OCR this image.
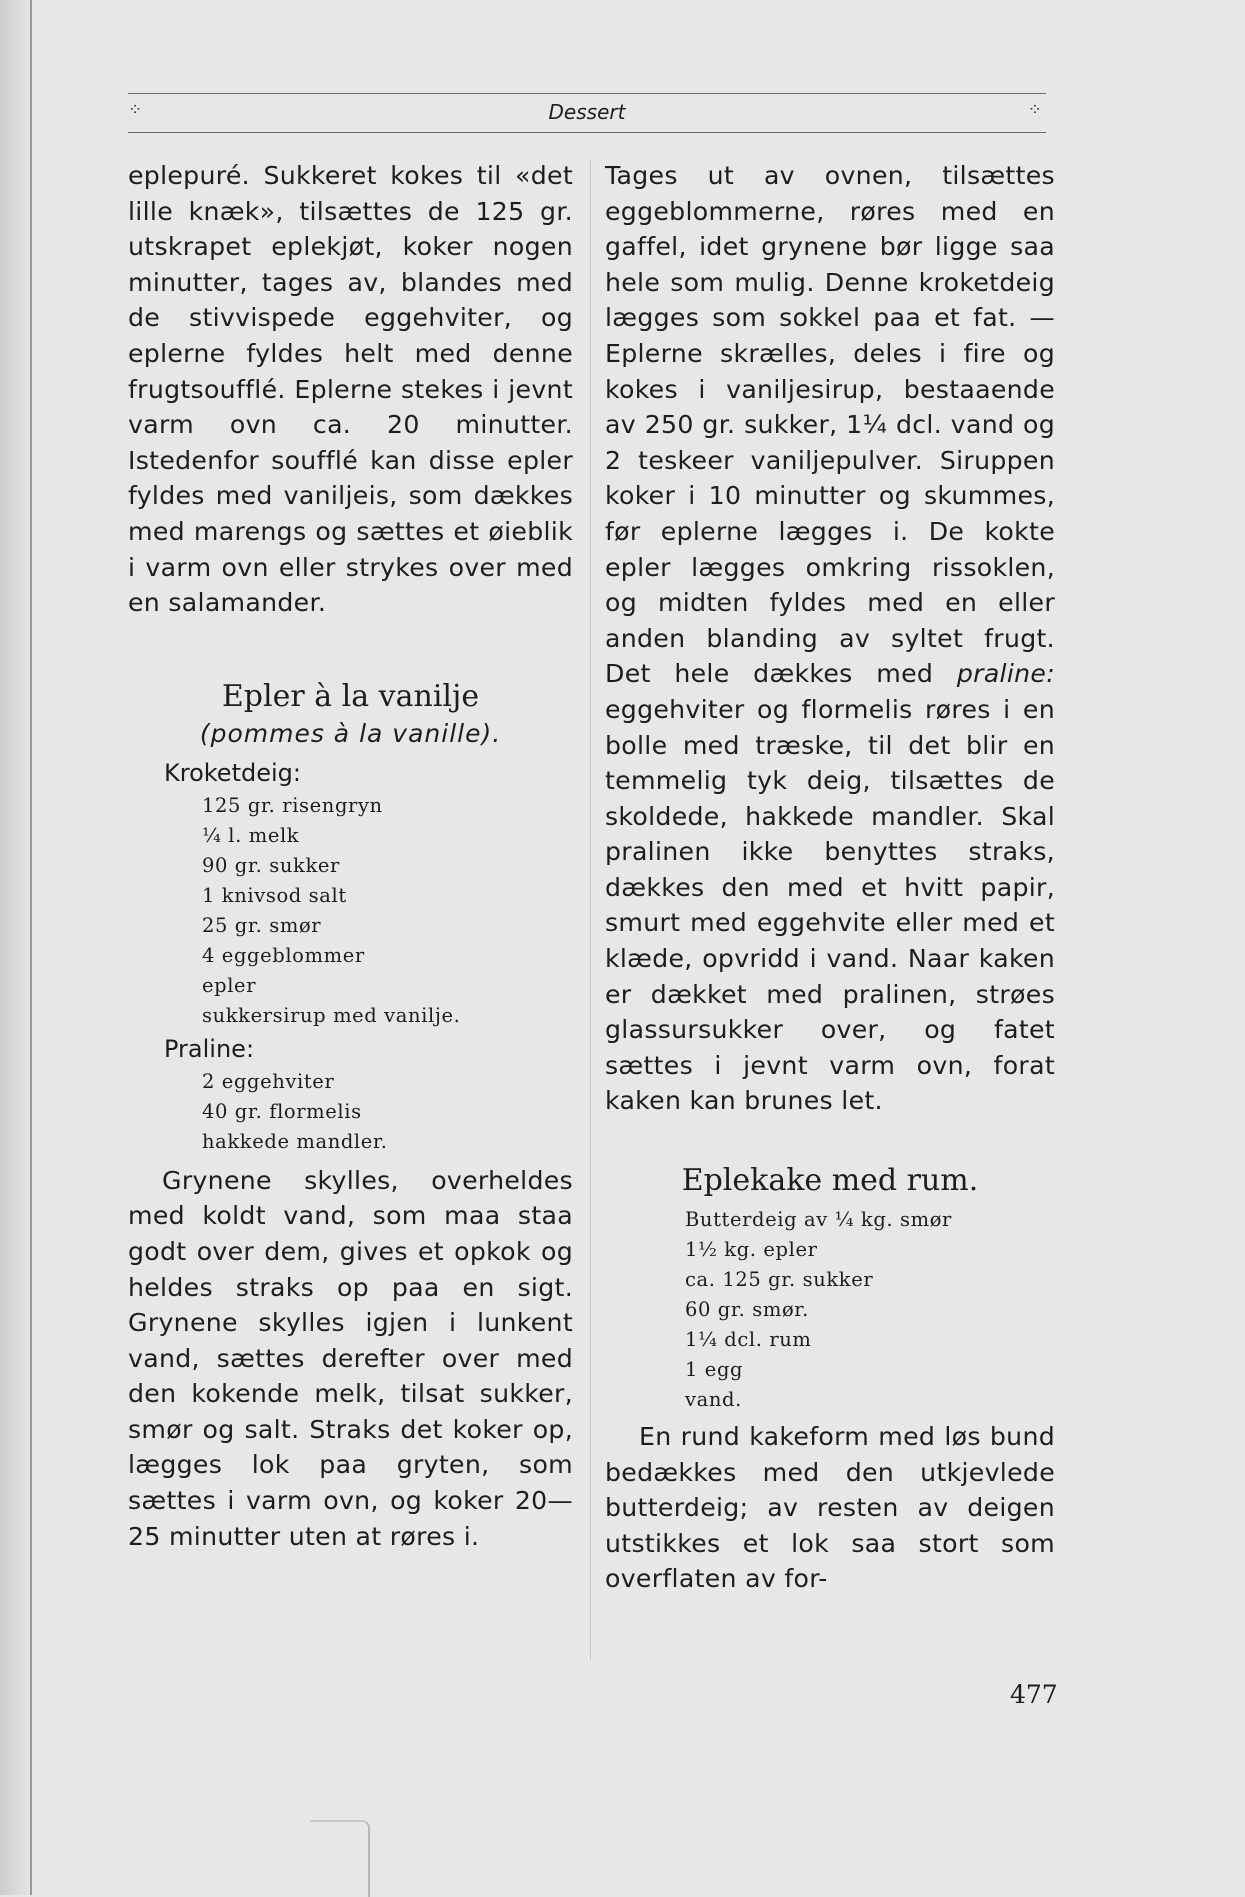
⁘	Dessert	⁘

eplepuré. Sukkeret kokes til «det lille knæk», tilsættes de 125 gr. utskrapet eplekjøt, koker nogen minutter, tages av, blandes med de stivvispede eggehviter, og eplerne fyldes helt med denne frugtsoufflé. Eplerne stekes i jevnt varm ovn ca. 20 minutter. Istedenfor soufflé kan disse epler fyldes med vaniljeis, som dækkes med marengs og sættes et øieblik i varm ovn eller strykes over med en salamander.

Epler à la vanilje

(pommes à la vanille).

Kroketdeig:

125 gr. risengryn
¼ l. melk
90 gr. sukker
1 knivsod salt
25 gr. smør
4 eggeblommer
epler
sukkersirup med vanilje.

Praline:

2 eggehviter
40 gr. flormelis
hakkede mandler.

Grynene skylles, overheldes med koldt vand, som maa staa godt over dem, gives et opkok og heldes straks op paa en sigt. Grynene skylles igjen i lunkent vand, sættes derefter over med den kokende melk, tilsat sukker, smør og salt. Straks det koker op, lægges lok paa gryten, som sættes i varm ovn, og koker 20—25 minutter uten at røres i.

Tages ut av ovnen, tilsættes eggeblommerne, røres med en gaffel, idet grynene bør ligge saa hele som mulig. Denne kroketdeig lægges som sokkel paa et fat. — Eplerne skrælles, deles i fire og kokes i vaniljesirup, bestaaende av 250 gr. sukker, 1¼ dcl. vand og 2 teskeer vaniljepulver. Siruppen koker i 10 minutter og skummes, før eplerne lægges i. De kokte epler lægges omkring rissoklen, og midten fyldes med en eller anden blanding av syltet frugt. Det hele dækkes med praline: eggehviter og flormelis røres i en bolle med træske, til det blir en temmelig tyk deig, tilsættes de skoldede, hakkede mandler. Skal pralinen ikke benyttes straks, dækkes den med et hvitt papir, smurt med eggehvite eller med et klæde, opvridd i vand. Naar kaken er dækket med pralinen, strøes glassursukker over, og fatet sættes i jevnt varm ovn, forat kaken kan brunes let.

Eplekake med rum.
Butterdeig av ¼ kg. smør
1½ kg. epler
ca. 125 gr. sukker
60 gr. smør.
1¼ dcl. rum
1 egg
vand.

En rund kakeform med løs bund bedækkes med den utkjevlede butterdeig; av resten av deigen utstikkes et lok saa stort som overflaten av for-

477
